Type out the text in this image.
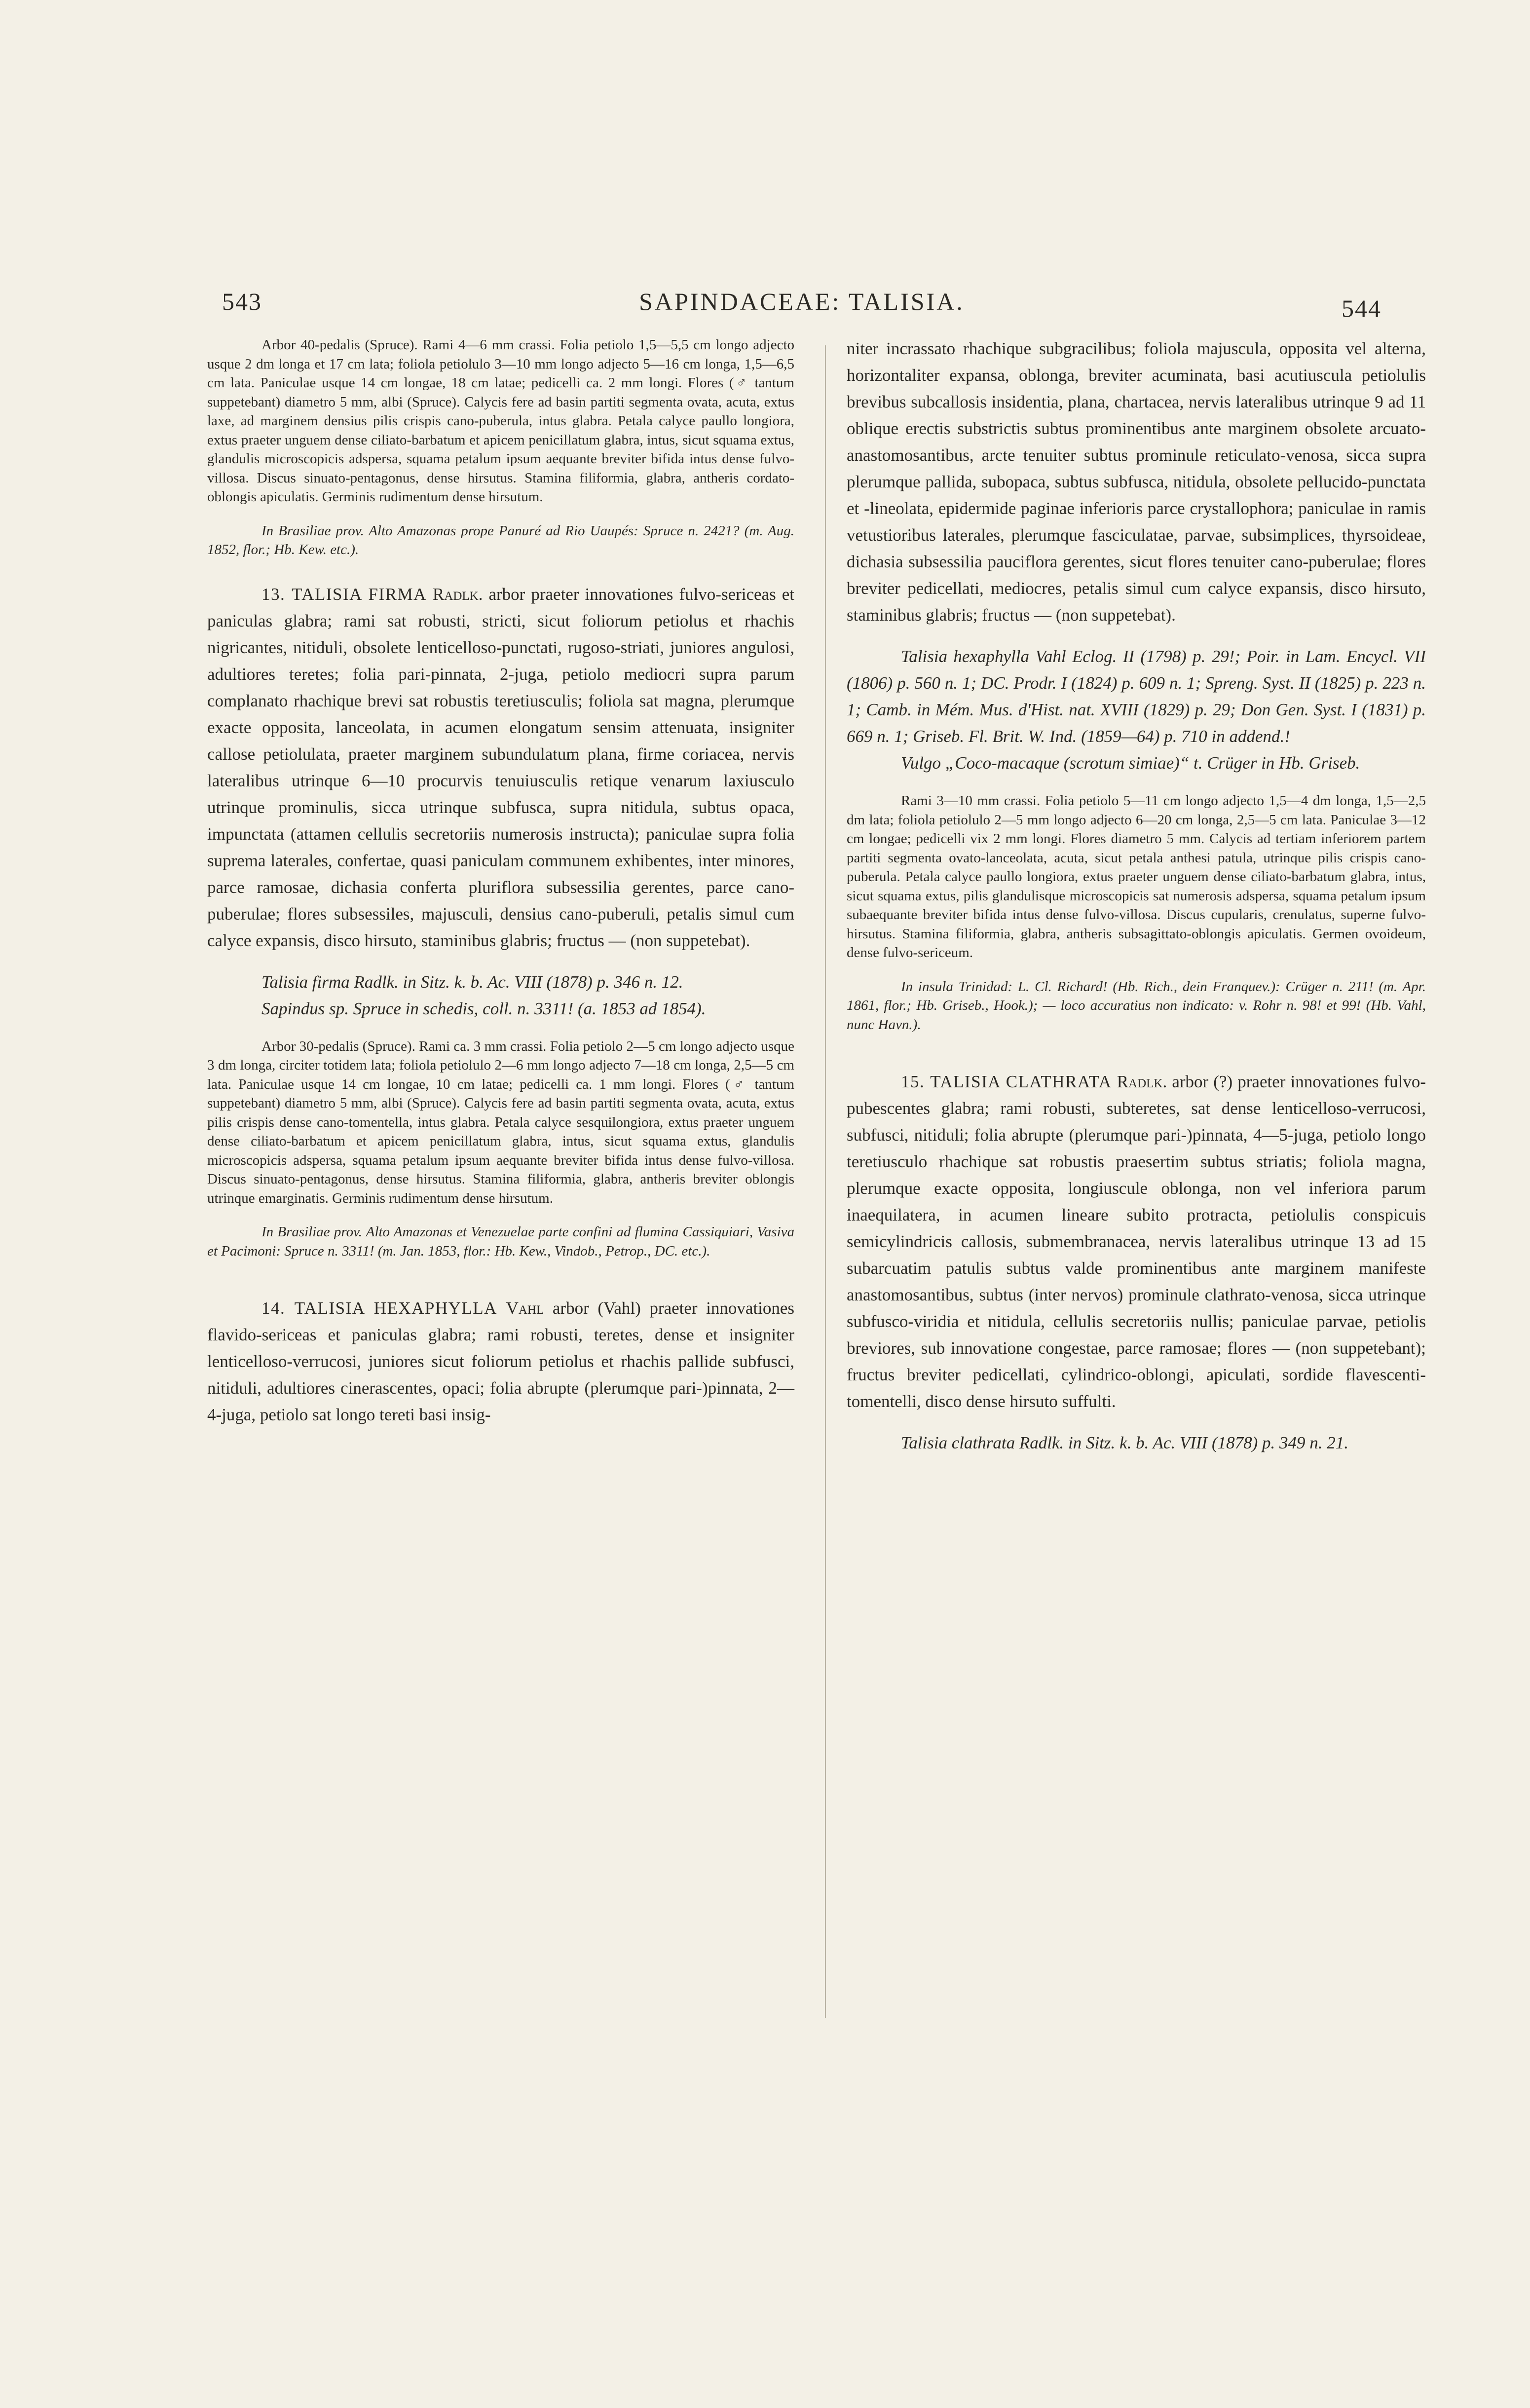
543	SAPINDACEAE: TALISIA.	544

Arbor 40-pedalis (Spruce). Rami 4—6 mm crassi. Folia petiolo 1,5—5,5 cm longo adjecto usque 2 dm longa et 17 cm lata; foliola petiolulo 3—10 mm longo adjecto 5—16 cm longa, 1,5—6,5 cm lata. Paniculae usque 14 cm longae, 18 cm latae; pedicelli ca. 2 mm longi. Flores (♂ tantum suppetebant) diametro 5 mm, albi (Spruce). Calycis fere ad basin partiti segmenta ovata, acuta, extus laxe, ad marginem densius pilis crispis cano-puberula, intus glabra. Petala calyce paullo longiora, extus praeter unguem dense ciliato-barbatum et apicem penicillatum glabra, intus, sicut squama extus, glandulis microscopicis adspersa, squama petalum ipsum aequante breviter bifida intus dense fulvo-villosa. Discus sinuato-pentagonus, dense hirsutus. Stamina filiformia, glabra, antheris cordato-oblongis apiculatis. Germinis rudimentum dense hirsutum.

In Brasiliae prov. Alto Amazonas prope Panuré ad Rio Uaupés: Spruce n. 2421? (m. Aug. 1852, flor.; Hb. Kew. etc.).

13. TALISIA FIRMA Radlk. arbor praeter innovationes fulvo-sericeas et paniculas glabra; rami sat robusti, stricti, sicut foliorum petiolus et rhachis nigricantes, nitiduli, obsolete lenticelloso-punctati, rugoso-striati, juniores angulosi, adultiores teretes; folia pari-pinnata, 2-juga, petiolo mediocri supra parum complanato rhachique brevi sat robustis teretiusculis; foliola sat magna, plerumque exacte opposita, lanceolata, in acumen elongatum sensim attenuata, insigniter callose petiolulata, praeter marginem subundulatum plana, firme coriacea, nervis lateralibus utrinque 6—10 procurvis tenuiusculis retique venarum laxiusculo utrinque prominulis, sicca utrinque subfusca, supra nitidula, subtus opaca, impunctata (attamen cellulis secretoriis numerosis instructa); paniculae supra folia suprema laterales, confertae, quasi paniculam communem exhibentes, inter minores, parce ramosae, dichasia conferta pluriflora subsessilia gerentes, parce cano-puberulae; flores subsessiles, majusculi, densius cano-puberuli, petalis simul cum calyce expansis, disco hirsuto, staminibus glabris; fructus — (non suppetebat).

Talisia firma Radlk. in Sitz. k. b. Ac. VIII (1878) p. 346 n. 12.

Sapindus sp. Spruce in schedis, coll. n. 3311! (a. 1853 ad 1854).

Arbor 30-pedalis (Spruce). Rami ca. 3 mm crassi. Folia petiolo 2—5 cm longo adjecto usque 3 dm longa, circiter totidem lata; foliola petiolulo 2—6 mm longo adjecto 7—18 cm longa, 2,5—5 cm lata. Paniculae usque 14 cm longae, 10 cm latae; pedicelli ca. 1 mm longi. Flores (♂ tantum suppetebant) diametro 5 mm, albi (Spruce). Calycis fere ad basin partiti segmenta ovata, acuta, extus pilis crispis dense cano-tomentella, intus glabra. Petala calyce sesquilongiora, extus praeter unguem dense ciliato-barbatum et apicem penicillatum glabra, intus, sicut squama extus, glandulis microscopicis adspersa, squama petalum ipsum aequante breviter bifida intus dense fulvo-villosa. Discus sinuato-pentagonus, dense hirsutus. Stamina filiformia, glabra, antheris breviter oblongis utrinque emarginatis. Germinis rudimentum dense hirsutum.

In Brasiliae prov. Alto Amazonas et Venezuelae parte confini ad flumina Cassiquiari, Vasiva et Pacimoni: Spruce n. 3311! (m. Jan. 1853, flor.: Hb. Kew., Vindob., Petrop., DC. etc.).

14. TALISIA HEXAPHYLLA Vahl arbor (Vahl) praeter innovationes flavido-sericeas et paniculas glabra; rami robusti, teretes, dense et insigniter lenticelloso-verrucosi, juniores sicut foliorum petiolus et rhachis pallide subfusci, nitiduli, adultiores cinerascentes, opaci; folia abrupte (plerumque pari-)pinnata, 2—4-juga, petiolo sat longo tereti basi insig-

niter incrassato rhachique subgracilibus; foliola majuscula, opposita vel alterna, horizontaliter expansa, oblonga, breviter acuminata, basi acutiuscula petiolulis brevibus subcallosis insidentia, plana, chartacea, nervis lateralibus utrinque 9 ad 11 oblique erectis substrictis subtus prominentibus ante marginem obsolete arcuato-anastomosantibus, arcte tenuiter subtus prominule reticulato-venosa, sicca supra plerumque pallida, subopaca, subtus subfusca, nitidula, obsolete pellucido-punctata et -lineolata, epidermide paginae inferioris parce crystallophora; paniculae in ramis vetustioribus laterales, plerumque fasciculatae, parvae, subsimplices, thyrsoideae, dichasia subsessilia pauciflora gerentes, sicut flores tenuiter cano-puberulae; flores breviter pedicellati, mediocres, petalis simul cum calyce expansis, disco hirsuto, staminibus glabris; fructus — (non suppetebat).

Talisia hexaphylla Vahl Eclog. II (1798) p. 29!; Poir. in Lam. Encycl. VII (1806) p. 560 n. 1; DC. Prodr. I (1824) p. 609 n. 1; Spreng. Syst. II (1825) p. 223 n. 1; Camb. in Mém. Mus. d'Hist. nat. XVIII (1829) p. 29; Don Gen. Syst. I (1831) p. 669 n. 1; Griseb. Fl. Brit. W. Ind. (1859—64) p. 710 in addend.!

Vulgo „Coco-macaque (scrotum simiae)“ t. Crüger in Hb. Griseb.

Rami 3—10 mm crassi. Folia petiolo 5—11 cm longo adjecto 1,5—4 dm longa, 1,5—2,5 dm lata; foliola petiolulo 2—5 mm longo adjecto 6—20 cm longa, 2,5—5 cm lata. Paniculae 3—12 cm longae; pedicelli vix 2 mm longi. Flores diametro 5 mm. Calycis ad tertiam inferiorem partem partiti segmenta ovato-lanceolata, acuta, sicut petala anthesi patula, utrinque pilis crispis cano-puberula. Petala calyce paullo longiora, extus praeter unguem dense ciliato-barbatum glabra, intus, sicut squama extus, pilis glandulisque microscopicis sat numerosis adspersa, squama petalum ipsum subaequante breviter bifida intus dense fulvo-villosa. Discus cupularis, crenulatus, superne fulvo-hirsutus. Stamina filiformia, glabra, antheris subsagittato-oblongis apiculatis. Germen ovoideum, dense fulvo-sericeum.

In insula Trinidad: L. Cl. Richard! (Hb. Rich., dein Franquev.): Crüger n. 211! (m. Apr. 1861, flor.; Hb. Griseb., Hook.); — loco accuratius non indicato: v. Rohr n. 98! et 99! (Hb. Vahl, nunc Havn.).

15. TALISIA CLATHRATA Radlk. arbor (?) praeter innovationes fulvo-pubescentes glabra; rami robusti, subteretes, sat dense lenticelloso-verrucosi, subfusci, nitiduli; folia abrupte (plerumque pari-)pinnata, 4—5-juga, petiolo longo teretiusculo rhachique sat robustis praesertim subtus striatis; foliola magna, plerumque exacte opposita, longiuscule oblonga, non vel inferiora parum inaequilatera, in acumen lineare subito protracta, petiolulis conspicuis semicylindricis callosis, submembranacea, nervis lateralibus utrinque 13 ad 15 subarcuatim patulis subtus valde prominentibus ante marginem manifeste anastomosantibus, subtus (inter nervos) prominule clathrato-venosa, sicca utrinque subfusco-viridia et nitidula, cellulis secretoriis nullis; paniculae parvae, petiolis breviores, sub innovatione congestae, parce ramosae; flores — (non suppetebant); fructus breviter pedicellati, cylindrico-oblongi, apiculati, sordide flavescenti-tomentelli, disco dense hirsuto suffulti.

Talisia clathrata Radlk. in Sitz. k. b. Ac. VIII (1878) p. 349 n. 21.
